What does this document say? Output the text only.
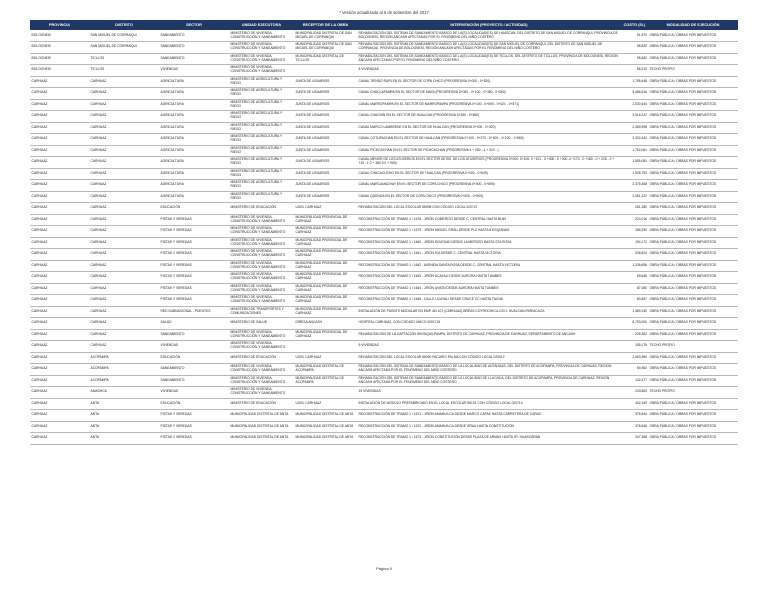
* Versión actualizada al 6 de setiembre del 2017
PROVINCIA	DISTRITO	SECTOR	UNIDAD EJECUTORA	RECEPTOR DE LA OBRA	INTERVENCIÓN (PROYECTO / ACTIVIDAD)	COSTO (S/.)	MODALIDAD DE EJECUCIÓN
BOLOGNESI	SAN MIGUEL DE CORPANQUI	SANEAMIENTO	MINISTERIO DE VIVIENDA, CONSTRUCCIÓN Y SANEAMIENTO	MUNICIPALIDAD DISTRITAL DE SAN MIGUEL DE CORPANQUI	REHABILITACIÓN DEL SISTEMA DE SANEAMIENTO BÁSICO DE LA(S) LOCALIDAD(ES) DE HUASCAN, DEL DISTRITO DE SAN MIGUEL DE CORPANQUI, PROVINCIA DE BOLOGNESI, REGIÓN ANCASH AFECTADAS POR EL FENÓMENO DEL NIÑO COSTERO	51,970	OBRA PÚBLICA / OBRAS POR IMPUESTOS
BOLOGNESI	SAN MIGUEL DE CORPANQUI	SANEAMIENTO	MINISTERIO DE VIVIENDA, CONSTRUCCIÓN Y SANEAMIENTO	MUNICIPALIDAD DISTRITAL DE SAN MIGUEL DE CORPANQUI	REHABILITACIÓN DEL SISTEMA DE SANEAMIENTO BÁSICO DE LA(S) LOCALIDAD(ES) DE SAN MIGUEL DE CORPANQUI, DEL DISTRITO DE SAN MIGUEL DE CORPANQUI, PROVINCIA DE BOLOGNESI, REGIÓN ANCASH AFECTADAS POR EL FENÓMENO DEL NIÑO COSTERO	95,820	OBRA PÚBLICA / OBRAS POR IMPUESTOS
BOLOGNESI	TICLLOS	SANEAMIENTO	MINISTERIO DE VIVIENDA, CONSTRUCCIÓN Y SANEAMIENTO	MUNICIPALIDAD DISTRITAL DE TICLLOS	REHABILITACIÓN DEL SISTEMA DE SANEAMIENTO BÁSICO DE LA(S) LOCALIDAD(ES) DE TICLLOS, DEL DISTRITO DE TICLLOS, PROVINCIA DE BOLOGNESI, REGIÓN ANCASH AFECTADAS POR EL FENÓMENO DEL NIÑO COSTERO	95,682	OBRA PÚBLICA / OBRAS POR IMPUESTOS
BOLOGNESI	TICLLOS	VIVIENDAS	MINISTERIO DE VIVIENDA, CONSTRUCCIÓN Y SANEAMIENTO		5 VIVIENDAS	86,210	TECHO PROPIO
CARHUAZ	CARHUAZ	AGRICULTURA	MINISTERIO DE AGRICULTURA Y RIEGO	JUNTA DE USUARIOS	CANAL TIENDO RURI EN EL SECTOR DE COPA CHICO (PROGRESIVA 0+000 - 0+520)	1,795,448	OBRA PÚBLICA / OBRAS POR IMPUESTOS
CARHUAZ	CARHUAZ	AGRICULTURA	MINISTERIO DE AGRICULTURA Y RIEGO	JUNTA DE USUARIOS	CANAL CHACLAPAMPA EN EL SECTOR DE MAYA (PROGRESIVA 0+000 - 0+100 - 0+350 - 0+560)	3,486,516	OBRA PÚBLICA / OBRAS POR IMPUESTOS
CARHUAZ	CARHUAZ	AGRICULTURA	MINISTERIO DE AGRICULTURA Y RIEGO	JUNTA DE USUARIOS	CANAL MARROPAMPA EN EL SECTOR DE MARROPAMPA (PROGRESIVA 0+100 - 0+690 - 0+021 - 0+571)	2,530,444	OBRA PÚBLICA / OBRAS POR IMPUESTOS
CARHUAZ	CARHUAZ	AGRICULTURA	MINISTERIO DE AGRICULTURA Y RIEGO	JUNTA DE USUARIOS	CANAL CHACHIN EN EL SECTOR DE HUALCAN (PROGRESIVA 0+330 - 0+550)	3,516,247	OBRA PÚBLICA / OBRAS POR IMPUESTOS
CARHUAZ	CARHUAZ	AGRICULTURA	MINISTERIO DE AGRICULTURA Y RIEGO	JUNTA DE USUARIOS	CANAL MARCO LAMBREDE EN EL SECTOR DE HUALCAN (PROGRESIVA 0+000 - 0+520)	2,389,998	OBRA PÚBLICA / OBRAS POR IMPUESTOS
CARHUAZ	CARHUAZ	AGRICULTURA	MINISTERIO DE AGRICULTURA Y RIEGO	JUNTA DE USUARIOS	CANAL COTUPACHAN EN EL SECTOR DE HUALCAN (PROGRESIVA 0+100 - 0+270 - 0+300 - 1+100 - 1+660)	3,302,442	OBRA PÚBLICA / OBRAS POR IMPUESTOS
CARHUAZ	CARHUAZ	AGRICULTURA	MINISTERIO DE AGRICULTURA Y RIEGO	JUNTA DE USUARIOS	CANAL PICHCACHAN EN EL SECTOR DE PICHCACHAN (PROGRESIVA 1 + 280 - 1 + 310 - )	1,752,061	OBRA PÚBLICA / OBRAS POR IMPUESTOS
CARHUAZ	CARHUAZ	AGRICULTURA	MINISTERIO DE AGRICULTURA Y RIEGO	JUNTA DE USUARIOS	CANAL MENOR DE LOS ATUSERIOS EN EL SECTOR DE BR. DE LOS ATUSERIOS (PROGRESIVA 0+000; 0+100; 0 +101 - 0 +300 - 0 +300 -0 +170 - 0 +180 - 0 + 226 - 0 + 710 - 1 0 + 380 0 0 + 900)	1,555,083	OBRA PÚBLICA / OBRAS POR IMPUESTOS
CARHUAZ	CARHUAZ	AGRICULTURA	MINISTERIO DE AGRICULTURA Y RIEGO	JUNTA DE USUARIOS	CANAL CHACACUCHO EN EL SECTOR DE HUALCAN (PROGRESIVA 0+000 - 0+549)	1,528,753	OBRA PÚBLICA / OBRAS POR IMPUESTOS
CARHUAZ	CARHUAZ	AGRICULTURA	MINISTERIO DE AGRICULTURA Y RIEGO	JUNTA DE USUARIOS	CANAL MARCAMACHAY EN EL SECTOR DE COPA CHICO (PROGRESIVA 0+000 - 0+690)	2,375,468	OBRA PÚBLICA / OBRAS POR IMPUESTOS
CARHUAZ	CARHUAZ	AGRICULTURA	MINISTERIO DE AGRICULTURA Y RIEGO	JUNTA DE USUARIOS	CANAL QUENOA EN EL SECTOR DE COPA CHICO (PROGRESIVA 0+000 - 0+500)	2,081,122	OBRA PÚBLICA / OBRAS POR IMPUESTOS
CARHUAZ	CARHUAZ	EDUCACIÓN	MINISTERIO DE EDUCACIÓN	UGEL CARHUAZ	REHABILITACIÓN DEL LOCAL ESCOLAR 86098 CON CÓDIGO LOCAL 020747	281,280	OBRA PÚBLICA / OBRAS POR IMPUESTOS
CARHUAZ	CARHUAZ	PISTAS Y VEREDAS	MINISTERIO DE VIVIENDA, CONSTRUCCIÓN Y SANEAMIENTO	MUNICIPALIDAD PROVINCIAL DE CARHUAZ	RECONSTRUCCIÓN DE TRAMO 1 / 1678 - JIRÓN COMERCIO DESDE C. CENTRAL HASTA BUIN	224,016	OBRA PÚBLICA / OBRAS POR IMPUESTOS
CARHUAZ	CARHUAZ	PISTAS Y VEREDAS	MINISTERIO DE VIVIENDA, CONSTRUCCIÓN Y SANEAMIENTO	MUNICIPALIDAD PROVINCIAL DE CARHUAZ	RECONSTRUCCIÓN DE TRAMO 1 / 1679 - JIRÓN MIGUEL GRAU DESDE PLZ HASTA 8 ESQUINAS	185,290	OBRA PÚBLICA / OBRAS POR IMPUESTOS
CARHUAZ	CARHUAZ	PISTAS Y VEREDAS	MINISTERIO DE VIVIENDA, CONSTRUCCIÓN Y SANEAMIENTO	MUNICIPALIDAD PROVINCIAL DE CARHUAZ	RECONSTRUCCIÓN DE TRAMO 1 / 1640 - JIRÓN SOLEDAD DESDE LA MERCED HASTA STA ROSA	194,172	OBRA PÚBLICA / OBRAS POR IMPUESTOS
CARHUAZ	CARHUAZ	PISTAS Y VEREDAS	MINISTERIO DE VIVIENDA, CONSTRUCCIÓN Y SANEAMIENTO	MUNICIPALIDAD PROVINCIAL DE CARHUAZ	RECONSTRUCCIÓN DE TRAMO 1 / 1641 - JIRÓN ICA DESDE C. CENTRAL HASTA VICTORIA	336,624	OBRA PÚBLICA / OBRAS POR IMPUESTOS
CARHUAZ	CARHUAZ	PISTAS Y VEREDAS	MINISTERIO DE VIVIENDA, CONSTRUCCIÓN Y SANEAMIENTO	MUNICIPALIDAD PROVINCIAL DE CARHUAZ	RECONSTRUCCIÓN DE TRAMO 1 / 1642 - AVENIDA SANTA ROSA DESDE C. CENTRAL HASTA VICTORIA	1,236,698	OBRA PÚBLICA / OBRAS POR IMPUESTOS
CARHUAZ	CARHUAZ	PISTAS Y VEREDAS	MINISTERIO DE VIVIENDA, CONSTRUCCIÓN Y SANEAMIENTO	MUNICIPALIDAD PROVINCIAL DE CARHUAZ	RECONSTRUCCIÓN DE TRAMO 1 / 1643 - JIRÓN UCAYALI DESDE AURORA HASTA TUMBES	89,648	OBRA PÚBLICA / OBRAS POR IMPUESTOS
CARHUAZ	CARHUAZ	PISTAS Y VEREDAS	MINISTERIO DE VIVIENDA, CONSTRUCCIÓN Y SANEAMIENTO	MUNICIPALIDAD PROVINCIAL DE CARHUAZ	RECONSTRUCCIÓN DE TRAMO 1 / 1644 - JIRÓN UNION DESDE AURORA HASTA TUMBES	87,080	OBRA PÚBLICA / OBRAS POR IMPUESTOS
CARHUAZ	CARHUAZ	PISTAS Y VEREDAS	MINISTERIO DE VIVIENDA, CONSTRUCCIÓN Y SANEAMIENTO	MUNICIPALIDAD PROVINCIAL DE CARHUAZ	RECONSTRUCCIÓN DE TRAMO 1 / 1646 - CALLE UCAYALI DESDE CRUCE CC HASTA TACNA	50,667	OBRA PÚBLICA / OBRAS POR IMPUESTOS
CARHUAZ	CARHUAZ	RED SUBNACIONAL - PUENTES	MINISTERIO DE TRANSPORTES Y COMUNICACIONES	MUNICIPALIDAD PROVINCIAL DE CARHUAZ	INSTALACIÓN DE PUENTE MODULAR EN EMP. AN 107 (CARHUAZ)-BREAS COYROCHICLLOCO- HUALCAN-PARIACACA	1,469,130	OBRA PÚBLICA / OBRAS POR IMPUESTOS
CARHUAZ	CARHUAZ	SALUD	MINISTERIO DE SALUD	DIRESA ANCASH	HOSPITAL CARHUAZ, CON CÓDIGO ÚNICO 0001718	8,793,000	OBRA PÚBLICA / OBRAS POR IMPUESTOS
CARHUAZ	CARHUAZ	SANEAMIENTO	MINISTERIO DE VIVIENDA, CONSTRUCCIÓN Y SANEAMIENTO	MUNICIPALIDAD PROVINCIAL DE CARHUAZ	REHABILITACIÓN DE LA CAPTACIÓN SHONQUILPAMPA, DISTRITO DE CARHUAZ, PROVINCIA DE CARHUAZ, DEPARTAMENTO DE ANCASH	228,362	OBRA PÚBLICA / OBRAS POR IMPUESTOS
CARHUAZ	CARHUAZ	VIVIENDAS	MINISTERIO DE VIVIENDA, CONSTRUCCIÓN Y SANEAMIENTO		9 VIVIENDAS	155,178	TECHO PROPIO
CARHUAZ	ACOPAMPA	EDUCACIÓN	MINISTERIO DE EDUCACIÓN	UGEL CARHUAZ	REHABILITACIÓN DEL LOCAL ESCOLAR 86090 PACARIO PALMA CON CÓDIGO LOCAL 020512	2,663,960	OBRA PÚBLICA / OBRAS POR IMPUESTOS
CARHUAZ	ACOPAMPA	SANEAMIENTO	MINISTERIO DE VIVIENDA, CONSTRUCCIÓN Y SANEAMIENTO	MUNICIPALIDAD DISTRITAL DE ACOPAMPA	REHABILITACIÓN DEL SISTEMA DE SANEAMIENTO BÁSICO DE LA LOCALIDAD DE ANTAHUAS, DEL DISTRITO DE ACOPAMPA, PROVINCIA DE CARHUAZ, REGIÓN ANCASH AFECTADA POR EL FENÓMENO DEL NIÑO COSTERO	54,962	OBRA PÚBLICA / OBRAS POR IMPUESTOS
CARHUAZ	ACOPAMPA	SANEAMIENTO	MINISTERIO DE VIVIENDA, CONSTRUCCIÓN Y SANEAMIENTO	MUNICIPALIDAD DISTRITAL DE ACOPAMPA	REHABILITACIÓN DEL SISTEMA DE SANEAMIENTO BÁSICO DE LA LOCALIDAD DE LLUCHCA, DEL DISTRITO DE ACOPAMPA, PROVINCIA DE CARHUAZ, REGIÓN ANCASH AFECTADA POR EL FENÓMENO DEL NIÑO COSTERO	142,477	OBRA PÚBLICA / OBRAS POR IMPUESTOS
CARHUAZ	AMASHCA	VIVIENDAS	MINISTERIO DE VIVIENDA, CONSTRUCCIÓN Y SANEAMIENTO		15 VIVIENDAS	243,863	TECHO PROPIO
CARHUAZ	ANTA	EDUCACIÓN	MINISTERIO DE EDUCACIÓN	UGEL CARHUAZ	INSTALACIÓN DE MÓDULO PREFABRICADO EN EL LOCAL ESCOLAR 86101 CON CÓDIGO LOCAL 020714	402,169	OBRA PÚBLICA / OBRAS POR IMPUESTOS
CARHUAZ	ANTA	PISTAS Y VEREDAS	MUNICIPALIDAD DISTRITAL DE ANTA	MUNICIPALIDAD DISTRITAL DE ANTA	RECONSTRUCCIÓN DE TRAMO 1 / 1671 - JIRÓN AMAHUILCA DESDE MARCO CAPAZ HASTA CARRETERA DE CARAZ	376,544	OBRA PÚBLICA / OBRAS POR IMPUESTOS
CARHUAZ	ANTA	PISTAS Y VEREDAS	MUNICIPALIDAD DISTRITAL DE ANTA	MUNICIPALIDAD DISTRITAL DE ANTA	RECONSTRUCCIÓN DE TRAMO 1 / 1672 - JIRÓN AMAHUILCA DESDE GRAU HASTA CONSTITUCIÓN	376,648	OBRA PÚBLICA / OBRAS POR IMPUESTOS
CARHUAZ	ANTA	PISTAS Y VEREDAS	MUNICIPALIDAD DISTRITAL DE ANTA	MUNICIPALIDAD DISTRITAL DE ANTA	RECONSTRUCCIÓN DE TRAMO 1 / 1673 - JIRÓN CONSTITUCIÓN DESDE PLAZA DE ARMAS HASTA JR. HUASCARÁN	347,388	OBRA PÚBLICA / OBRAS POR IMPUESTOS
Página 9
